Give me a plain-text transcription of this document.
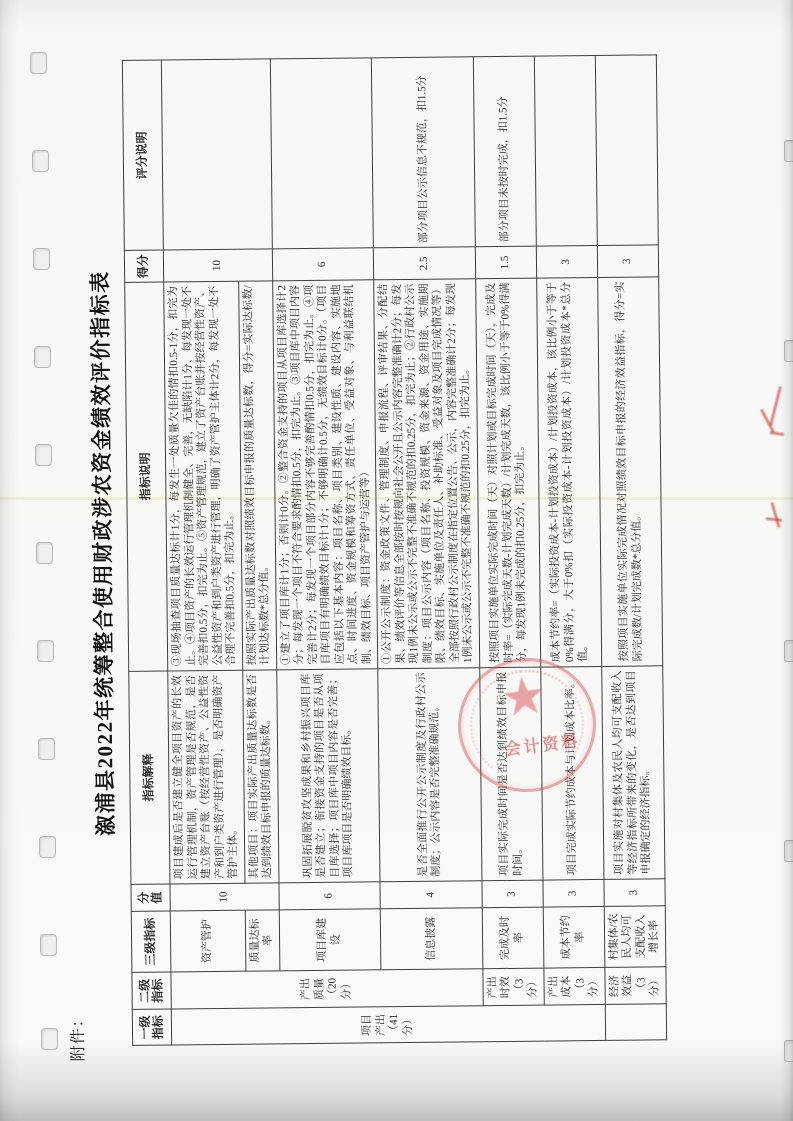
附件：
溆浦县2022年统筹整合使用财政涉农资金绩效评价指标表
一级指标	二级指标	三级指标	分值	指标解释	指标说明	得分	评分说明
项目产出（41分）	产出质量（20分）	资产管护	10	项目建成后是否建立健全项目资产的长效运行管理机制，资产管理是否规范，是否建立资产台账（按经营性资产、公益性资产和到户类资产进行管理），是否明确资产管护主体。	③现场抽查项目质量达标计1分，每发生一处质量欠佳的情扣0.5-1分，扣完为止。④项目资产的长效运行管理机制健全、完善，无缺陷计1分，每发现一处不完善扣0.5分，扣完为止。⑤资产管理规范，建立了资产台账并按经营性资产、公益性资产和到户类资产进行管理，明确了资产管护主体计2分，每发现一处不合理不完善扣0.5分，扣完为止。	10	
		质量达标率		其他项目：项目实际产出质量达标数是否达到绩效目标申报的质量达标数。	按照实际产出质量达标数对照绩效目标申报的质量达标数，得分=实际达标数/计划达标数*总分值。		
		项目库建设	6	巩固拓展脱贫攻坚成果和乡村振兴项目库是否建立；衔接资金支持的项目是否从项目库选择；项目库中项目内容是否完善；项目库项目是否明确绩效目标。	①建立了项目库计1分；否则计0分。②整合资金支持的项目从项目库选择计2分；每发现一个项目不符合要求酌情扣0.5分，扣完为止。③项目库中项目内容完善计2分；每发现一个项目部分内容不够完善酌情扣0.5分，扣完为止。④项目库项目有明确绩效目标计1分；不够明确计0.5分，无绩效目标计0分。（项目应包括以下基本内容：项目名称、项目类别、建设性质、建设内容、实施地点、时间进度、资金规模和筹资方式、责任单位、受益对象、与利益联结机制、绩效目标、项目资产管护与运营等）	6	
		信息披露	4	是否全面推行公开公示制度及行政村公示制度；公示内容是否完整准确规范。	①公开公示制度：资金政策文件、管理制度、申报流程、评审结果、分配结果、绩效评价等信息全部按时按规向社会公开且公示内容完整准确计2分；每发现1例未公示或公示不完整不准确不规范的扣0.25分，扣完为止；②行政村公示制度：项目公示内容（项目名称、投资规模、资金来源、资金用途、实施期限、绩效目标、实施单位及责任人、补助标准、受益对象及项目完成情况等）全部按照行政村公示制度在指定位置公告、公示，内容完整准确计2分；每发现1例未公示或公示不完整不准确不规范的扣0.25分，扣完为止。	2.5	部分项目公示信息不规范，扣1.5分
	产出时效（3分）	完成及时率	3	项目实际完成时间是否达到绩效目标申报时间。	按照项目实施单位实际完成时间（天）对照计划或目标完成时间（天），完成及时率=（实际完成天数-计划完成天数）/计划完成天数，该比例小于等于0%得满分，每发现1例未完成的扣0.25分，扣完为止。	1.5	部分项目未按时完成，扣1.5分
	产出成本（3分）	成本节约率	3	项目完成实际节约成本与计划成本比率。	成本节约率=（实际投资成本-计划投资成本）/计划投资成本，该比例小于等于0%得满分，大于0%扣（实际投资成本-计划投资成本）/计划投资成本*总分值。	3	
	经济效益（3分）	村集体/农民人均可支配收入增长率	3	项目实施对村集体及农民人均可支配收入等经济指标所带来的变化，是否达到项目申报确定的经济指标。	按照项目实施单位实际完成情况对照绩效目标申报的经济效益指标，得分=实际完成数/计划完成数*总分值。	3	
★
会计资料
